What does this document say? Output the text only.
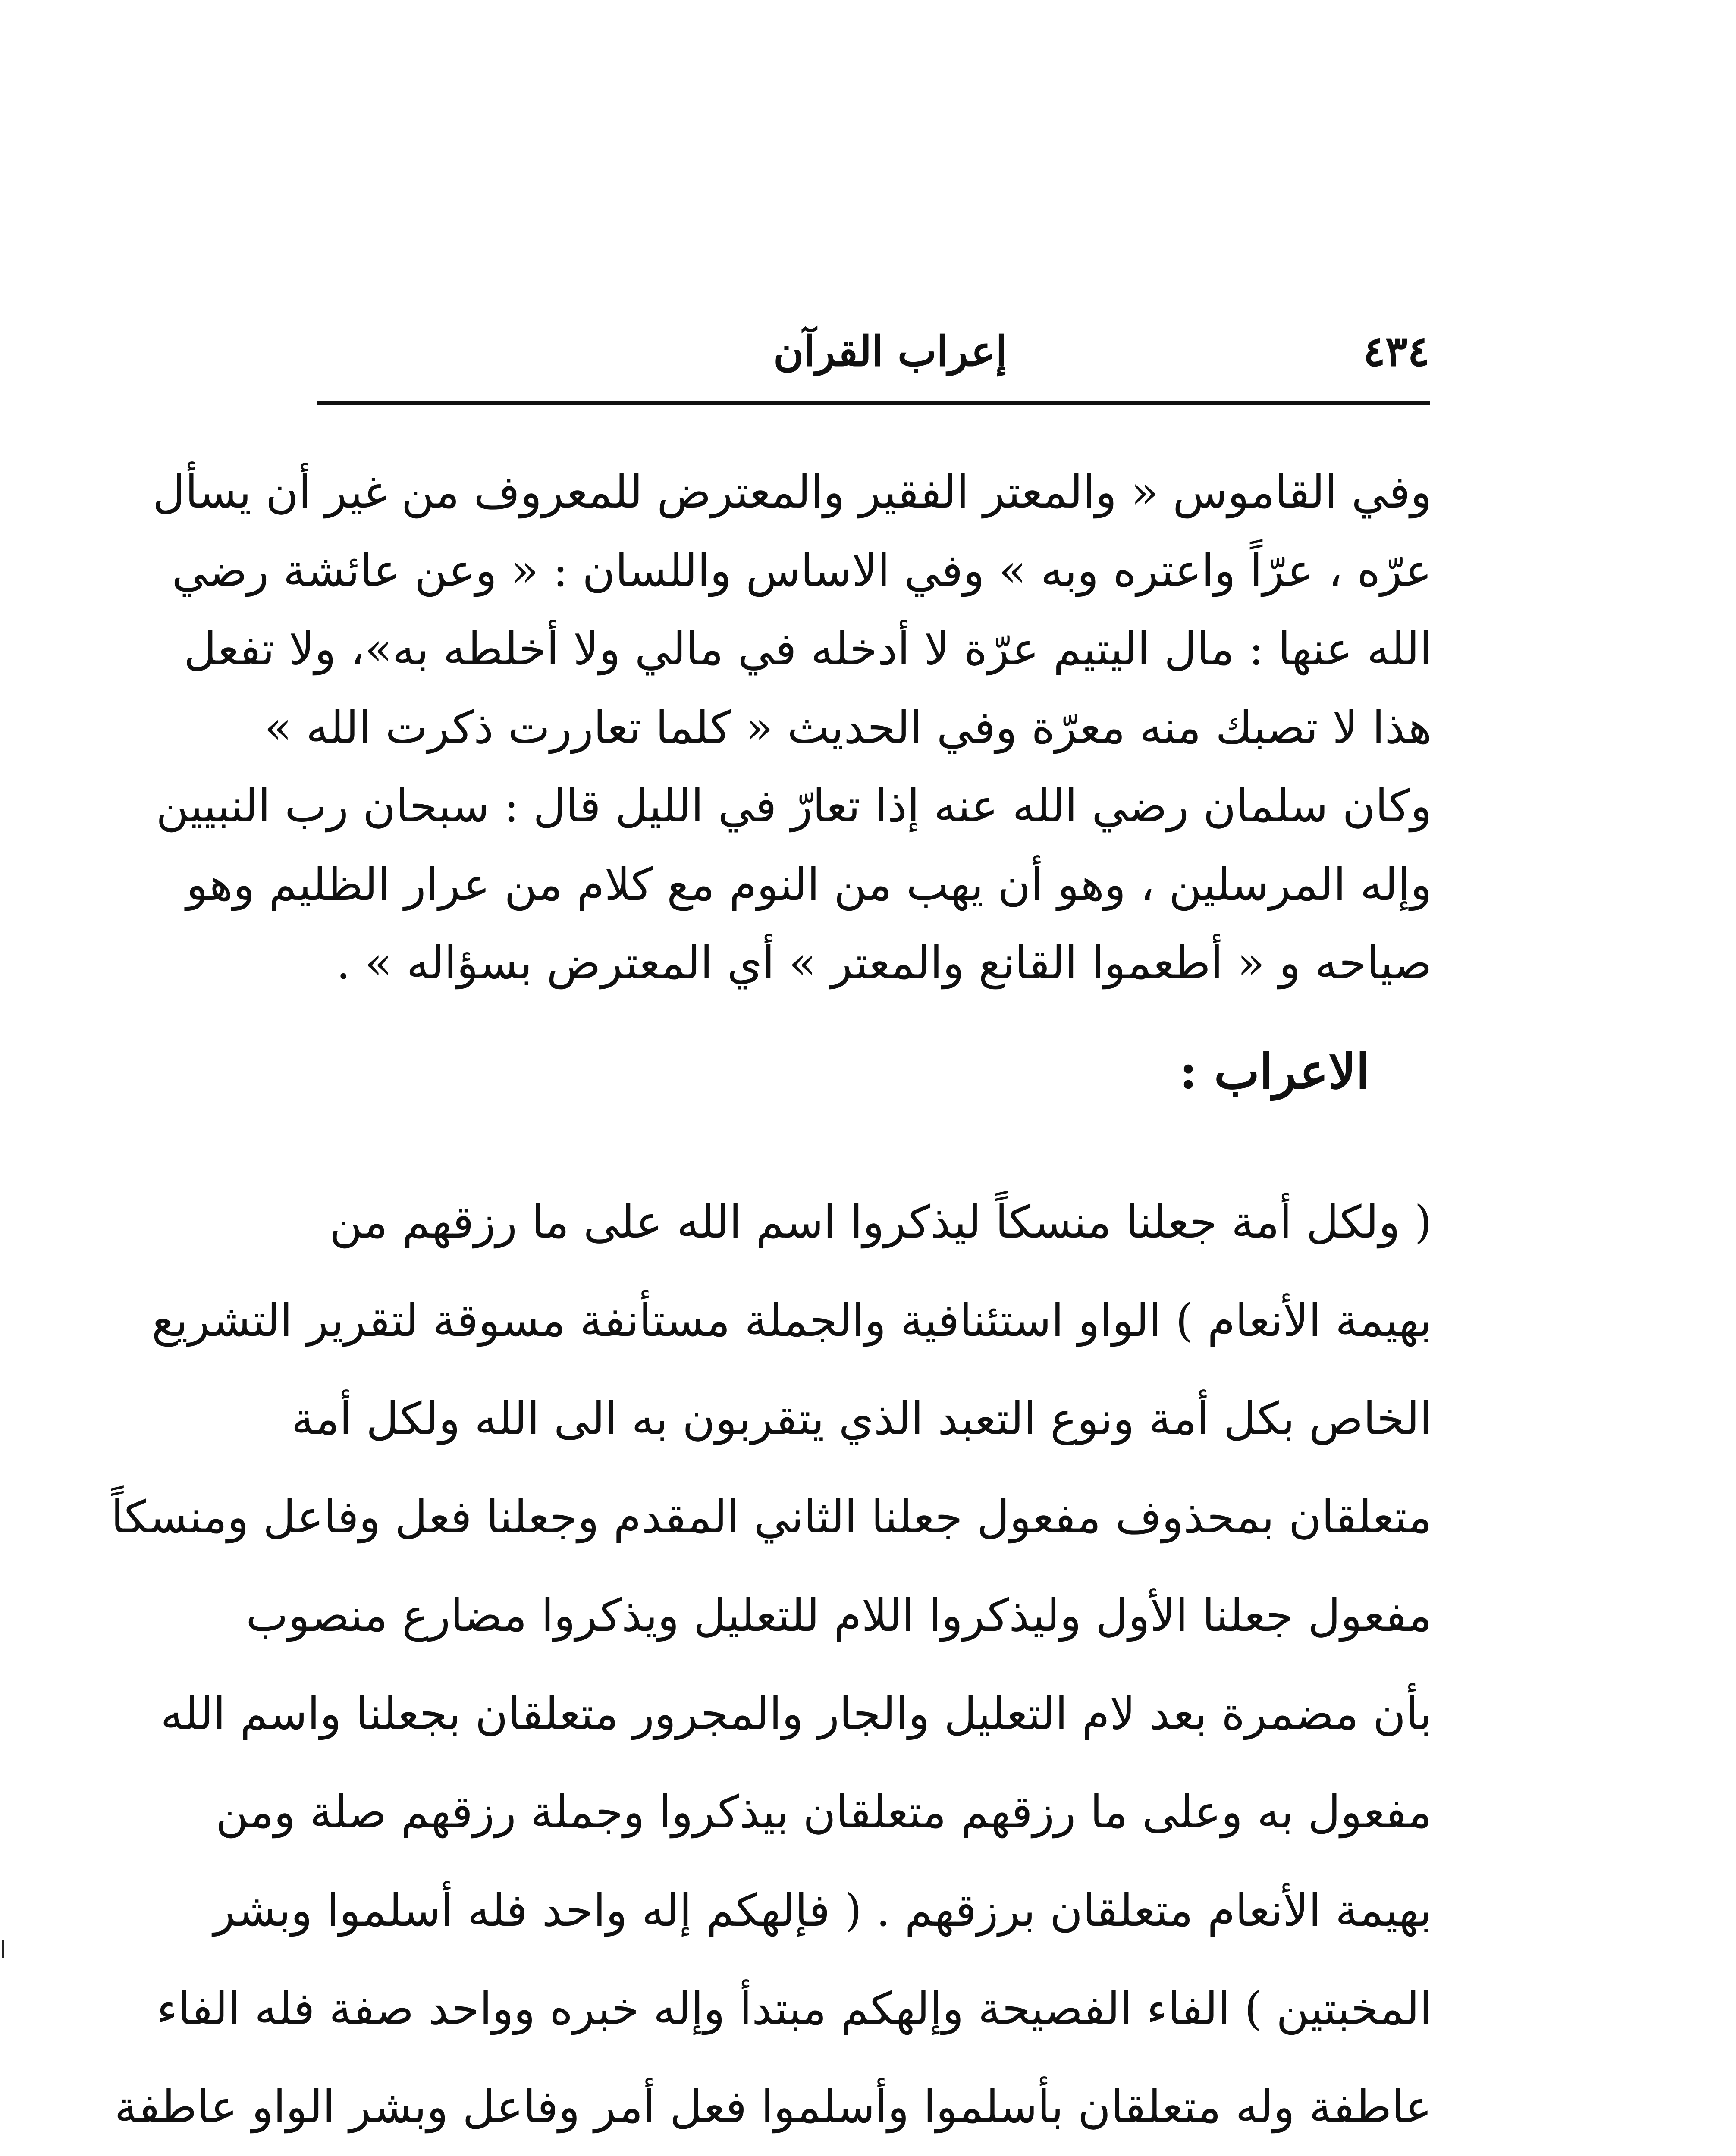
٤٣٤
إعراب القرآن
وفي القاموس « والمعتر الفقير والمعترض للمعروف من غير أن يسأل
عرّه ، عرّاً واعتره وبه » وفي الاساس واللسان : « وعن عائشة رضي
الله عنها : مال اليتيم عرّة لا أدخله في مالي ولا أخلطه به»، ولا تفعل
هذا لا تصبك منه معرّة وفي الحديث « كلما تعاررت ذكرت الله »
وكان سلمان رضي الله عنه إذا تعارّ في الليل قال : سبحان رب النبيين
وإله المرسلين ، وهو أن يهب من النوم مع كلام من عرار الظليم وهو
صياحه و « أطعموا القانع والمعتر » أي المعترض بسؤاله » .
الاعراب :
( ولكل أمة جعلنا منسكاً ليذكروا اسم الله على ما رزقهم من
بهيمة الأنعام ) الواو استئنافية والجملة مستأنفة مسوقة لتقرير التشريع
الخاص بكل أمة ونوع التعبد الذي يتقربون به الى الله ولكل أمة
متعلقان بمحذوف مفعول جعلنا الثاني المقدم وجعلنا فعل وفاعل ومنسكاً
مفعول جعلنا الأول وليذكروا اللام للتعليل ويذكروا مضارع منصوب
بأن مضمرة بعد لام التعليل والجار والمجرور متعلقان بجعلنا واسم الله
مفعول به وعلى ما رزقهم متعلقان بيذكروا وجملة رزقهم صلة ومن
بهيمة الأنعام متعلقان برزقهم . ( فإلهكم إله واحد فله أسلموا وبشر
المخبتين ) الفاء الفصيحة وإلهكم مبتدأ وإله خبره وواحد صفة فله الفاء
عاطفة وله متعلقان بأسلموا وأسلموا فعل أمر وفاعل وبشر الواو عاطفة
